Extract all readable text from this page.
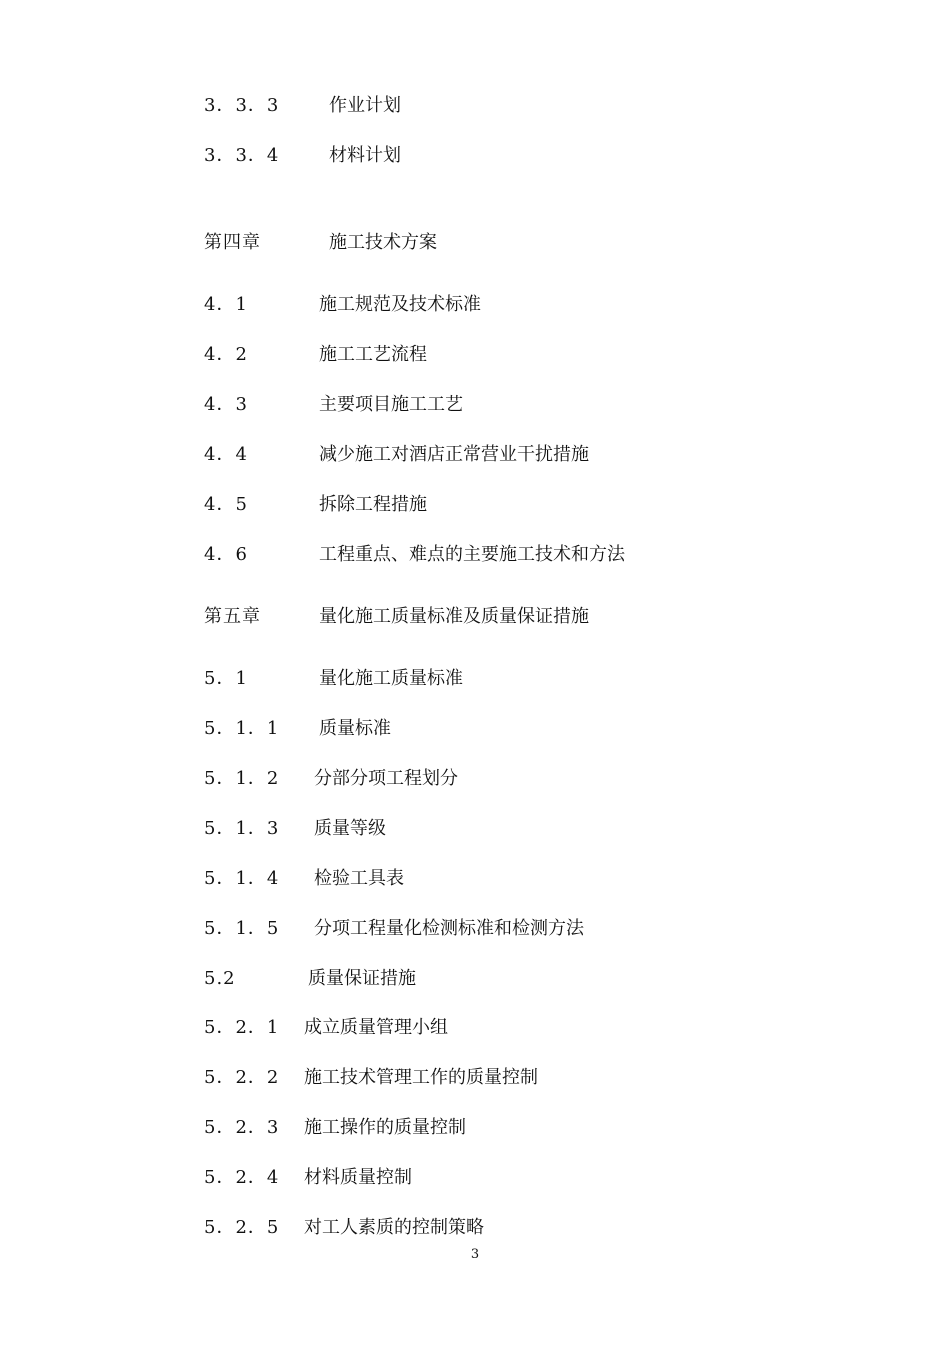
3．3．3	作业计划
3．3．4	材料计划
第四章	施工技术方案
4．1	施工规范及技术标准
4．2	施工工艺流程
4．3	主要项目施工工艺
4．4	减少施工对酒店正常营业干扰措施
4．5	拆除工程措施
4．6	工程重点、难点的主要施工技术和方法
第五章	量化施工质量标准及质量保证措施
5．1	量化施工质量标准
5．1．1 质量标准
5．1．2 分部分项工程划分
5．1．3 质量等级
5．1．4 检验工具表
5．1．5 分项工程量化检测标准和检测方法
5.2	质量保证措施
5．2．1 成立质量管理小组
5．2．2 施工技术管理工作的质量控制
5．2．3 施工操作的质量控制
5．2．4 材料质量控制
5．2．5 对工人素质的控制策略
3
